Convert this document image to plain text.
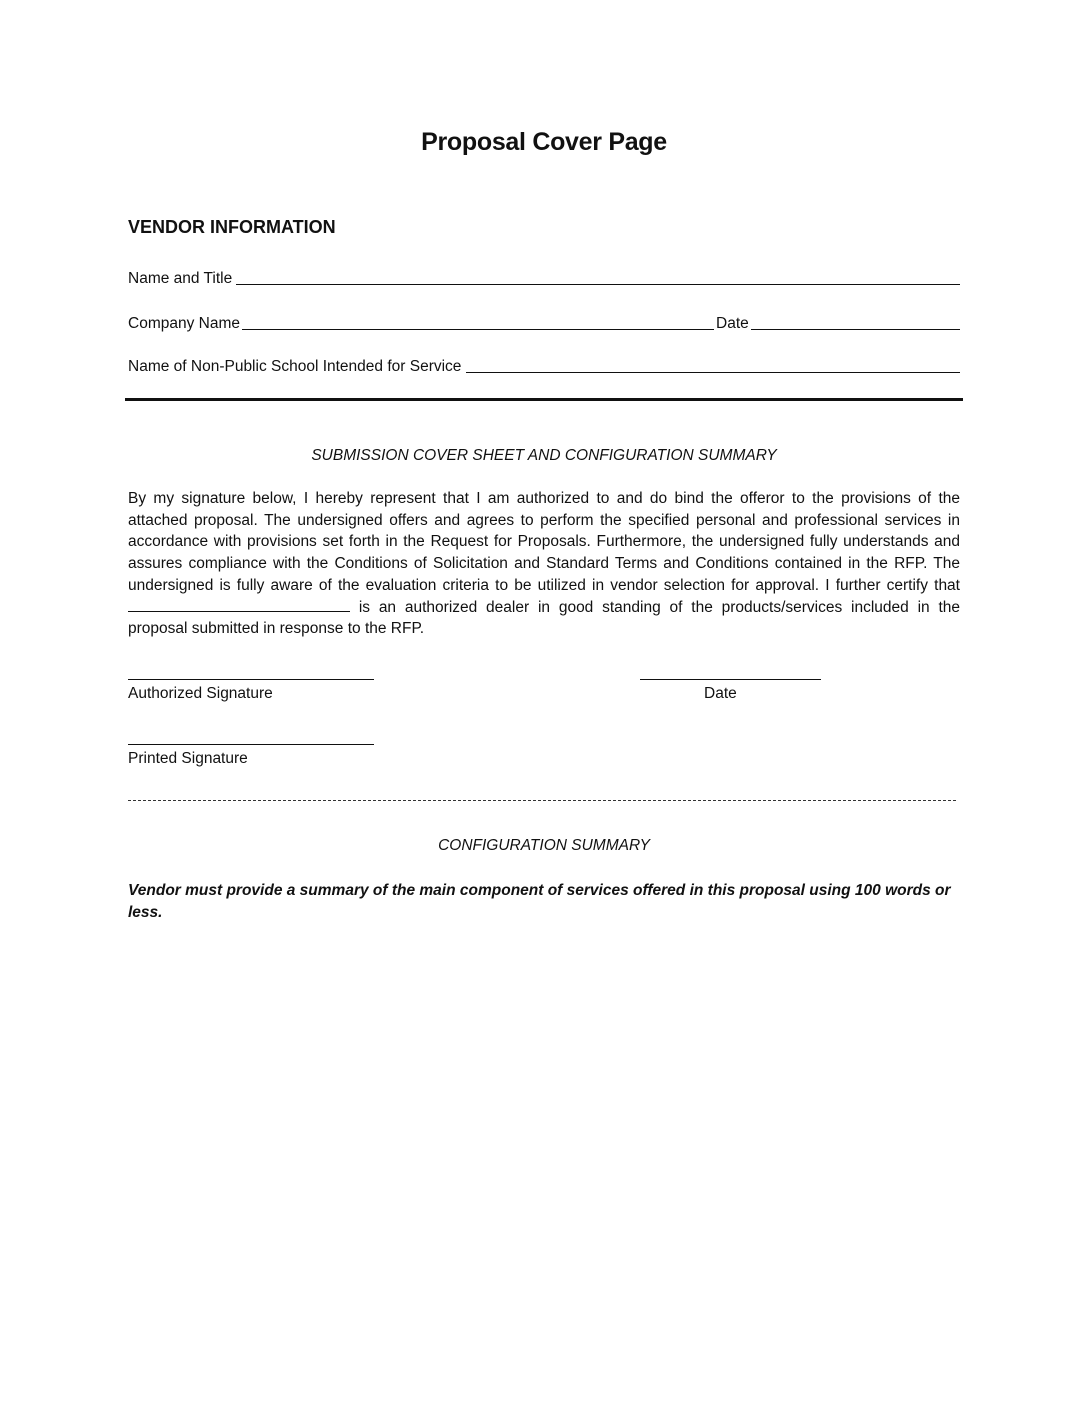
Proposal Cover Page
VENDOR INFORMATION
Name and Title
Company Name	Date
Name of Non-Public School Intended for Service
SUBMISSION COVER SHEET AND CONFIGURATION SUMMARY
By my signature below, I hereby represent that I am authorized to and do bind the offeror to the provisions of the attached proposal. The undersigned offers and agrees to perform the specified personal and professional services in accordance with provisions set forth in the Request for Proposals. Furthermore, the undersigned fully understands and assures compliance with the Conditions of Solicitation and Standard Terms and Conditions contained in the RFP. The undersigned is fully aware of the evaluation criteria to be utilized in vendor selection for approval. I further certify that  is an authorized dealer in good standing of the products/services included in the proposal submitted in response to the RFP.
Authorized Signature	Date
Printed Signature
CONFIGURATION SUMMARY
Vendor must provide a summary of the main component of services offered in this proposal using 100 words or less.
